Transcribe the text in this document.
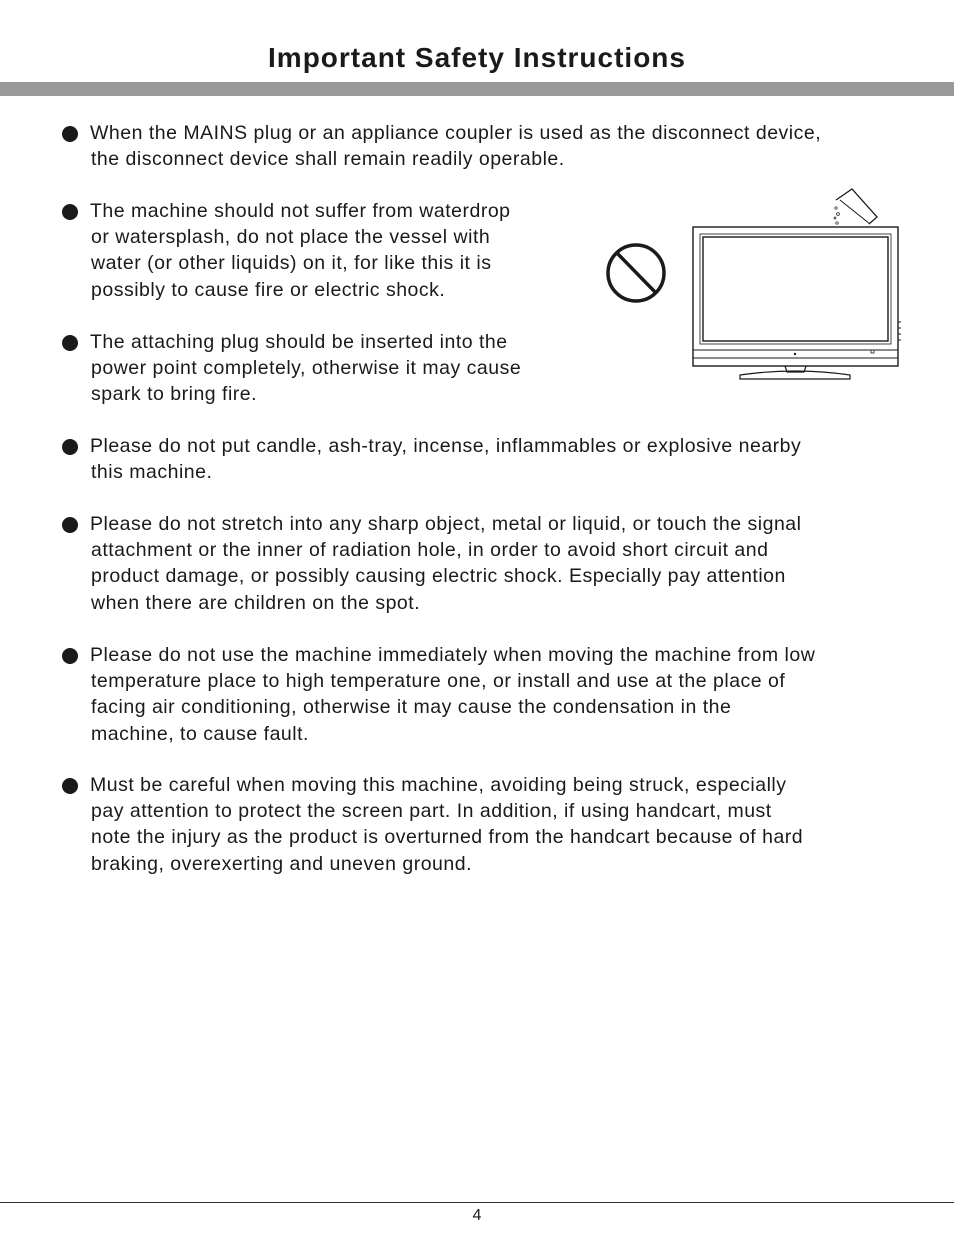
Important Safety Instructions
When the MAINS plug or an appliance coupler is used as the disconnect device,
the disconnect device shall remain readily operable.
The machine should not suffer from waterdrop
or watersplash, do not place the vessel with
water (or other liquids) on it, for like this it is
possibly to cause fire or electric shock.
The attaching plug should be inserted into the
power point completely, otherwise it may cause
spark to bring fire.
Please do not put candle, ash-tray, incense, inflammables or explosive nearby
this machine.
Please do not stretch into any sharp object, metal or liquid, or touch the signal
attachment or the inner of radiation hole, in order to avoid short circuit and
product damage, or possibly causing electric shock. Especially pay attention
when there are children on the spot.
Please do not use the machine immediately when moving the machine from low
temperature place to high temperature one, or install and use at the place of
facing air conditioning, otherwise it may cause the condensation in the
machine, to cause fault.
Must be careful when moving this machine, avoiding being struck, especially
pay attention to protect the screen part. In addition, if using handcart, must
note the injury as the product is overturned from the handcart because of hard
braking, overexerting and uneven ground.
4
